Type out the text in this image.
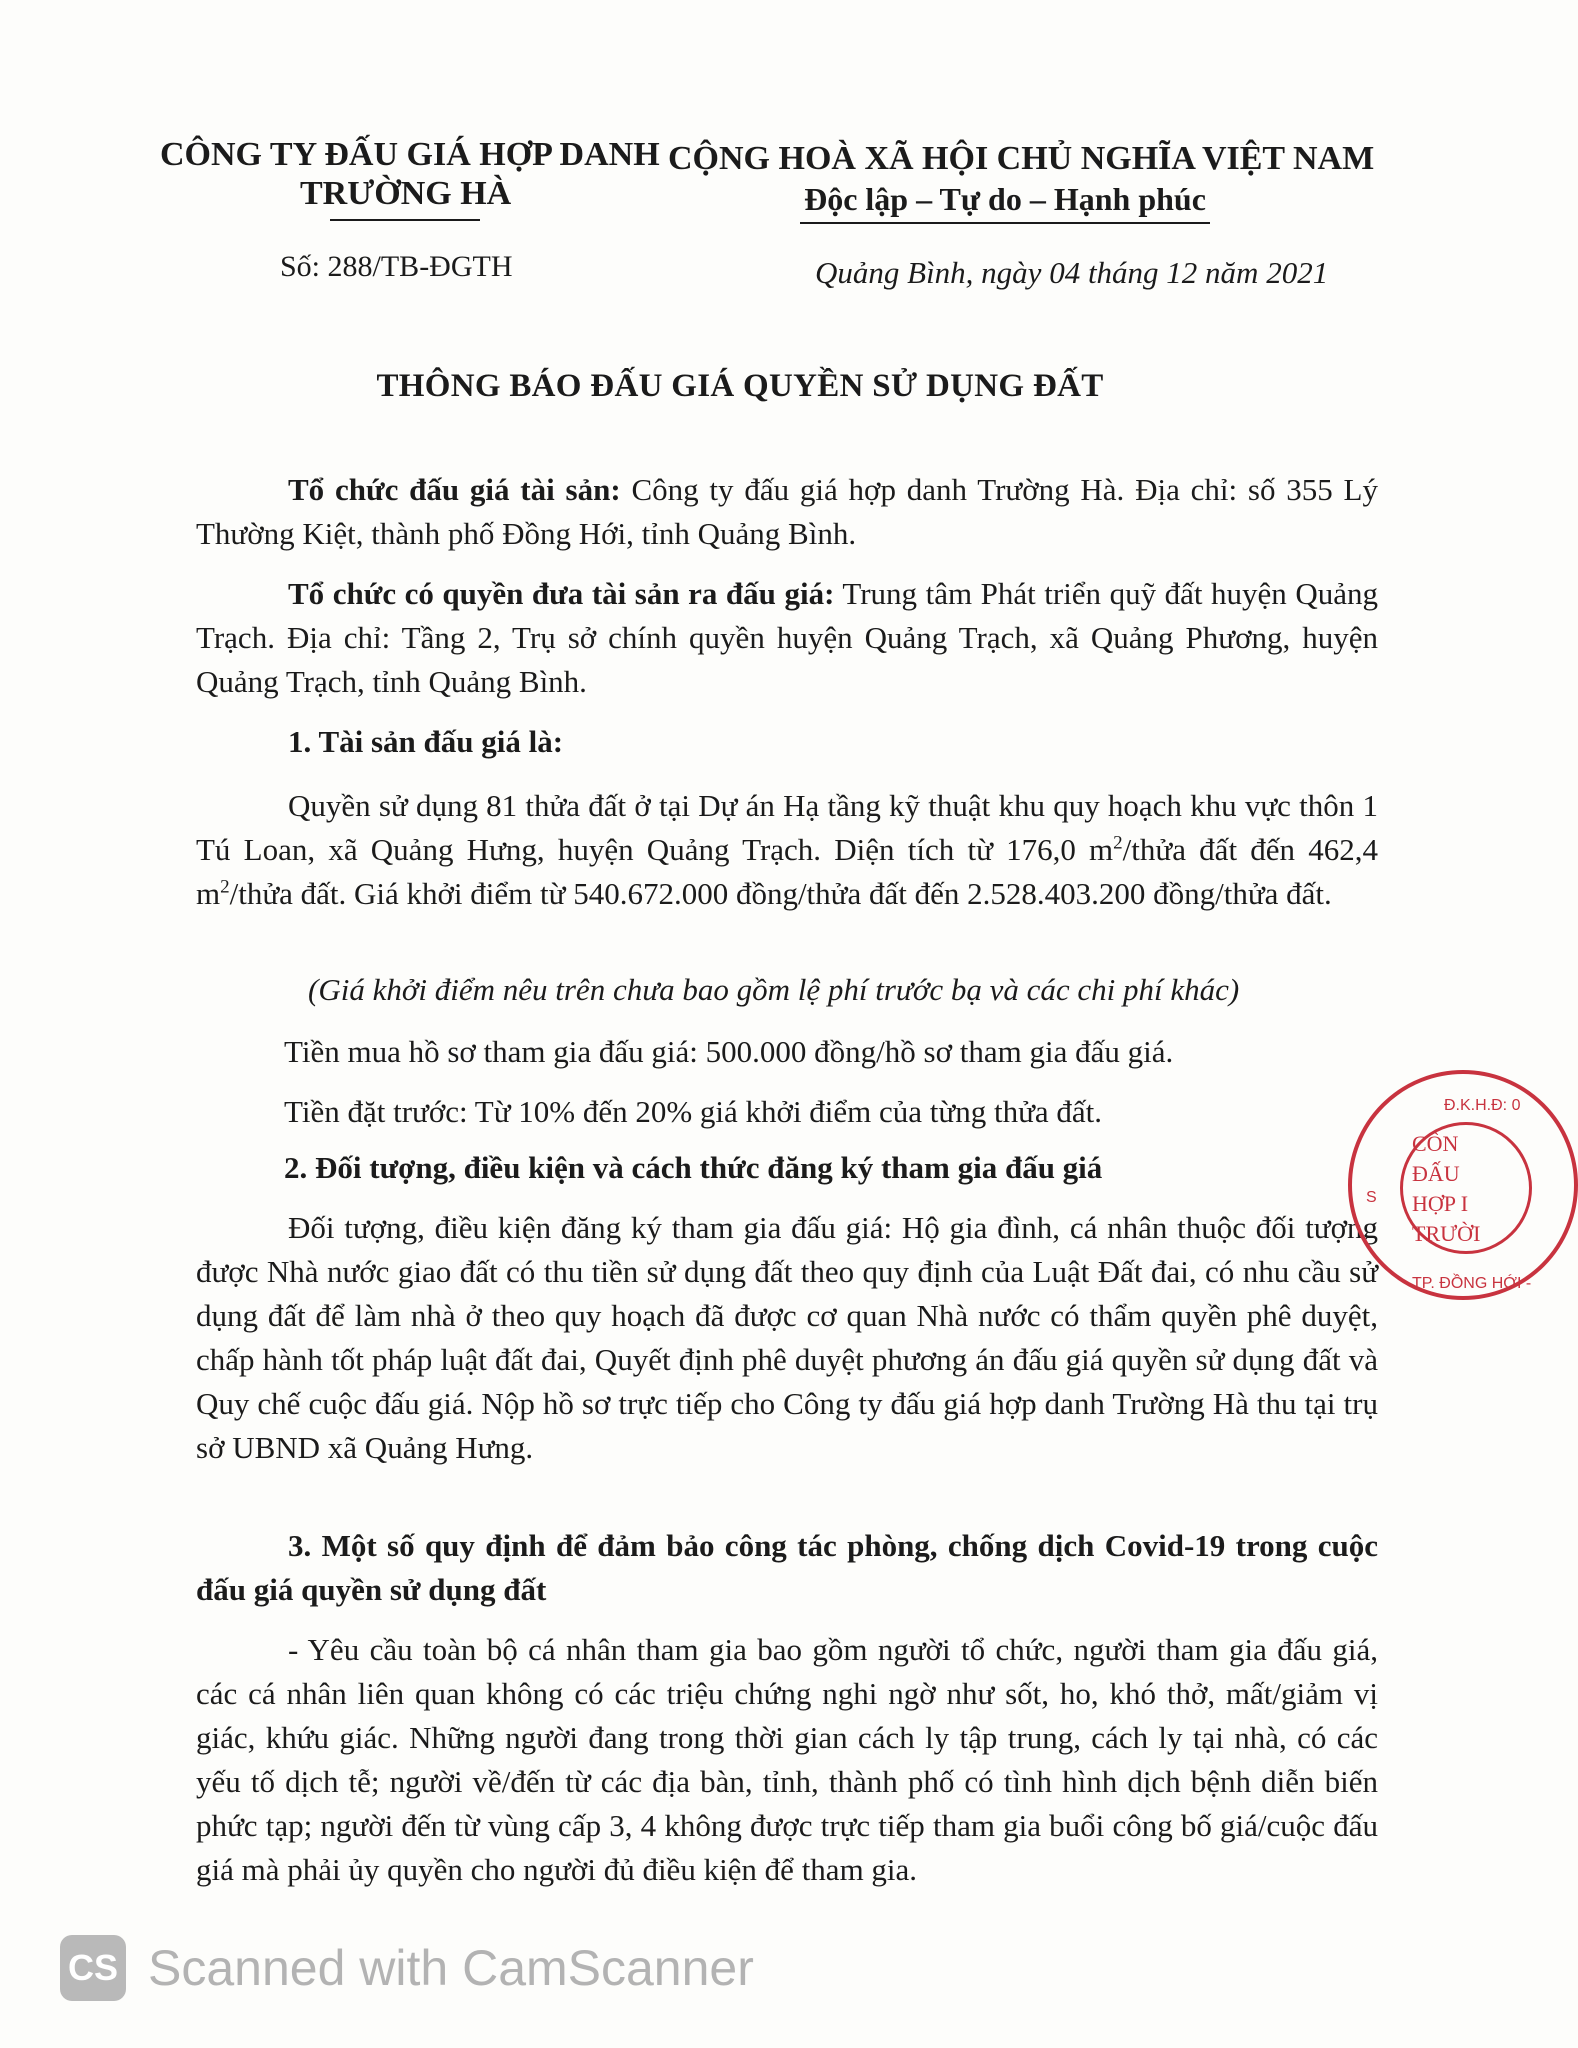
CÔNG TY ĐẤU GIÁ HỢP DANH
TRƯỜNG HÀ
CỘNG HOÀ XÃ HỘI CHỦ NGHĨA VIỆT NAM
Độc lập – Tự do – Hạnh phúc
Số: 288/TB-ĐGTH	Quảng Bình, ngày 04 tháng 12 năm 2021
THÔNG BÁO ĐẤU GIÁ QUYỀN SỬ DỤNG ĐẤT
Tổ chức đấu giá tài sản: Công ty đấu giá hợp danh Trường Hà. Địa chỉ: số 355 Lý Thường Kiệt, thành phố Đồng Hới, tỉnh Quảng Bình.
Tổ chức có quyền đưa tài sản ra đấu giá: Trung tâm Phát triển quỹ đất huyện Quảng Trạch. Địa chỉ: Tầng 2, Trụ sở chính quyền huyện Quảng Trạch, xã Quảng Phương, huyện Quảng Trạch, tỉnh Quảng Bình.
1. Tài sản đấu giá là:
Quyền sử dụng 81 thửa đất ở tại Dự án Hạ tầng kỹ thuật khu quy hoạch khu vực thôn 1 Tú Loan, xã Quảng Hưng, huyện Quảng Trạch. Diện tích từ 176,0 $m^2$/thửa đất đến 462,4 $m^2$/thửa đất. Giá khởi điểm từ 540.672.000 đồng/thửa đất đến 2.528.403.200 đồng/thửa đất.
(Giá khởi điểm nêu trên chưa bao gồm lệ phí trước bạ và các chi phí khác)
Tiền mua hồ sơ tham gia đấu giá: 500.000 đồng/hồ sơ tham gia đấu giá.
Tiền đặt trước: Từ 10% đến 20% giá khởi điểm của từng thửa đất.
2. Đối tượng, điều kiện và cách thức đăng ký tham gia đấu giá
Đối tượng, điều kiện đăng ký tham gia đấu giá: Hộ gia đình, cá nhân thuộc đối tượng được Nhà nước giao đất có thu tiền sử dụng đất theo quy định của Luật Đất đai, có nhu cầu sử dụng đất để làm nhà ở theo quy hoạch đã được cơ quan Nhà nước có thẩm quyền phê duyệt, chấp hành tốt pháp luật đất đai, Quyết định phê duyệt phương án đấu giá quyền sử dụng đất và Quy chế cuộc đấu giá. Nộp hồ sơ trực tiếp cho Công ty đấu giá hợp danh Trường Hà thu tại trụ sở UBND xã Quảng Hưng.
3. Một số quy định để đảm bảo công tác phòng, chống dịch Covid-19 trong cuộc đấu giá quyền sử dụng đất
- Yêu cầu toàn bộ cá nhân tham gia bao gồm người tổ chức, người tham gia đấu giá, các cá nhân liên quan không có các triệu chứng nghi ngờ như sốt, ho, khó thở, mất/giảm vị giác, khứu giác. Những người đang trong thời gian cách ly tập trung, cách ly tại nhà, có các yếu tố dịch tễ; người về/đến từ các địa bàn, tỉnh, thành phố có tình hình dịch bệnh diễn biến phức tạp; người đến từ vùng cấp 3, 4 không được trực tiếp tham gia buổi công bố giá/cuộc đấu giá mà phải ủy quyền cho người đủ điều kiện để tham gia.
Đ.K.H.Đ: 0
S
TP. ĐỒNG HỚI -
CÔN
ĐẤU
HỢP I
TRƯỜI
CS Scanned with CamScanner
